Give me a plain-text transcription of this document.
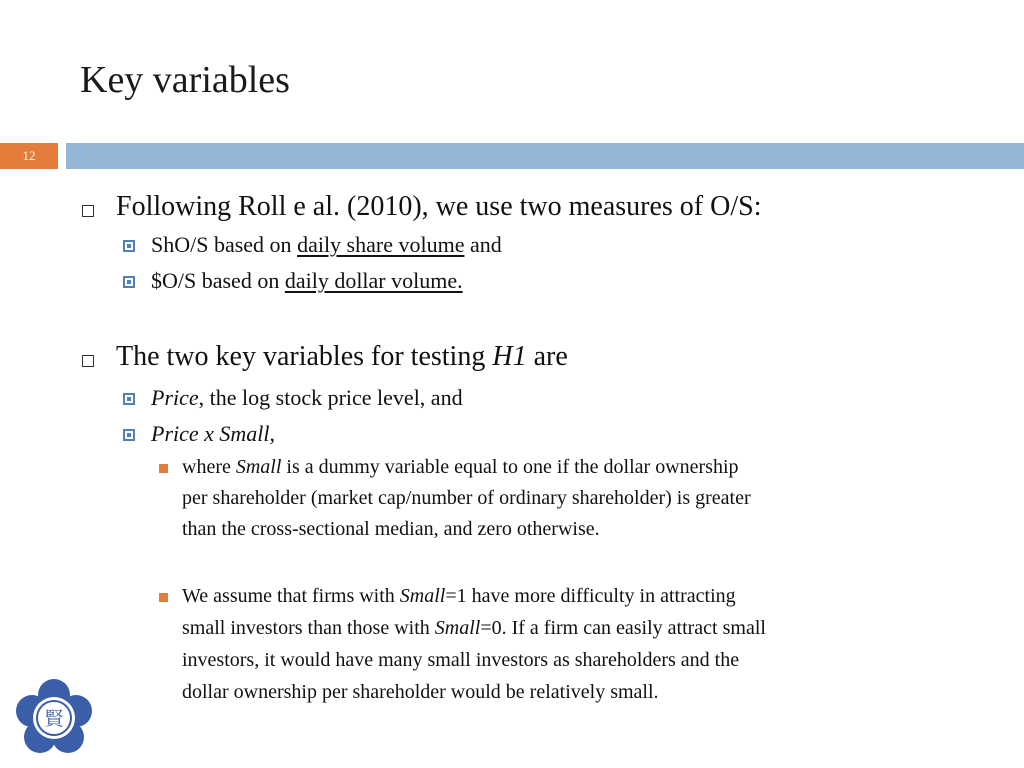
Key variables
12
Following Roll e al. (2010), we use two measures of O/S:
ShO/S based on daily share volume and
$O/S based on daily dollar volume.
The two key variables for testing H1 are
Price, the log stock price level, and
Price x Small,
where Small is a dummy variable equal to one if the dollar ownership
per shareholder (market cap/number of ordinary shareholder) is greater
than the cross-sectional median, and zero otherwise.
We assume that firms with Small=1 have more difficulty in attracting
small investors than those with Small=0. If a firm can easily attract small
investors, it would have many small investors as shareholders and the
dollar ownership per shareholder would be relatively small.
賢
